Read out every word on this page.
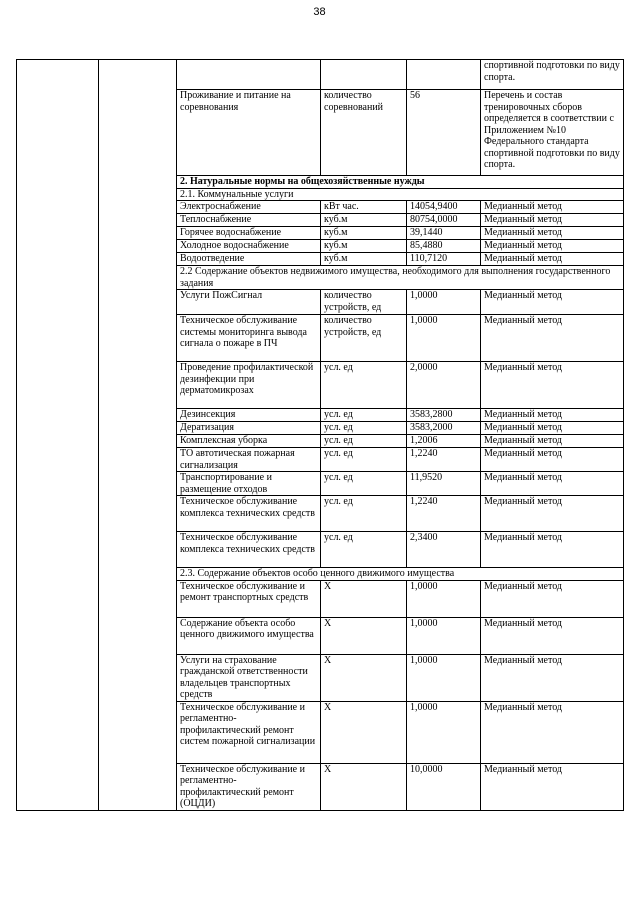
38
					спортивной подготовки по виду спорта.
		Проживание и питание на соревнования	количество соревнований	56	Перечень и состав тренировочных сборов определяется в соответствии с Приложением №10 Федерального стандарта спортивной подготовки по виду спорта.
		2. Натуральные нормы на общехозяйственные нужды			
		2.1. Коммунальные услуги			
		Электроснабжение	кВт час.	14054,9400	Медианный метод
		Теплоснабжение	куб.м	80754,0000	Медианный метод
		Горячее водоснабжение	куб.м	39,1440	Медианный метод
		Холодное водоснабжение	куб.м	85,4880	Медианный метод
		Водоотведение	куб.м	110,7120	Медианный метод
		2.2 Содержание объектов недвижимого имущества, необходимого для выполнения государственного задания			
		Услуги ПожСигнал	количество устройств, ед	1,0000	Медианный метод
		Техническое обслуживание системы мониторинга вывода сигнала о пожаре в ПЧ	количество устройств, ед	1,0000	Медианный метод
		Проведение профилактической дезинфекции при дерматомикрозах	усл. ед	2,0000	Медианный метод
		Дезинсекция	усл. ед	3583,2800	Медианный метод
		Дератизация	усл. ед	3583,2000	Медианный метод
		Комплексная уборка	усл. ед	1,2006	Медианный метод
		ТО автотическая пожарная сигнализация	усл. ед	1,2240	Медианный метод
		Транспортирование и размещение отходов	усл. ед	11,9520	Медианный метод
		Техническое обслуживание комплекса технических средств	усл. ед	1,2240	Медианный метод
		Техническое обслуживание комплекса технических средств	усл. ед	2,3400	Медианный метод
		2.3. Содержание объектов особо ценного движимого имущества			
		Техническое обслуживание и ремонт транспортных средств	Х	1,0000	Медианный метод
		Содержание объекта особо ценного движимого имущества	Х	1,0000	Медианный метод
		Услуги на страхование гражданской ответственности владельцев транспортных средств	Х	1,0000	Медианный метод
		Техническое обслуживание и регламентно-профилактический ремонт систем пожарной сигнализации	Х	1,0000	Медианный метод
		Техническое обслуживание и регламентно-профилактический ремонт (ОЦДИ)	Х	10,0000	Медианный метод
